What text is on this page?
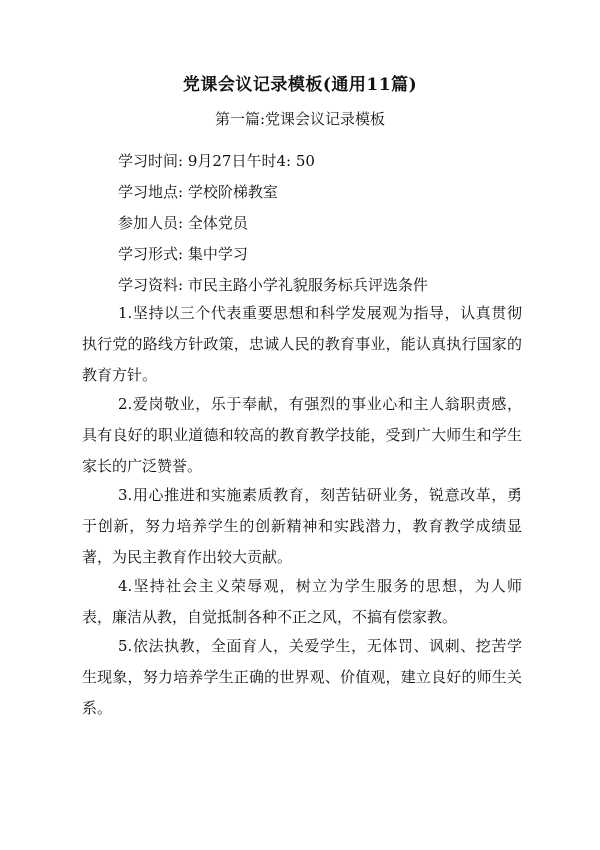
党课会议记录模板(通用11篇)
第一篇:党课会议记录模板
学习时间: 9月27日午时4: 50
学习地点: 学校阶梯教室
参加人员: 全体党员
学习形式: 集中学习
学习资料: 市民主路小学礼貌服务标兵评选条件
1.坚持以三个代表重要思想和科学发展观为指导，认真贯彻执行党的路线方针政策，忠诚人民的教育事业，能认真执行国家的教育方针。
2.爱岗敬业，乐于奉献，有强烈的事业心和主人翁职责感，具有良好的职业道德和较高的教育教学技能，受到广大师生和学生家长的广泛赞誉。
3.用心推进和实施素质教育，刻苦钻研业务，锐意改革，勇于创新，努力培养学生的创新精神和实践潜力，教育教学成绩显著，为民主教育作出较大贡献。
4.坚持社会主义荣辱观，树立为学生服务的思想，为人师表，廉洁从教，自觉抵制各种不正之风，不搞有偿家教。
5.依法执教，全面育人，关爱学生，无体罚、讽刺、挖苦学生现象，努力培养学生正确的世界观、价值观，建立良好的师生关系。
